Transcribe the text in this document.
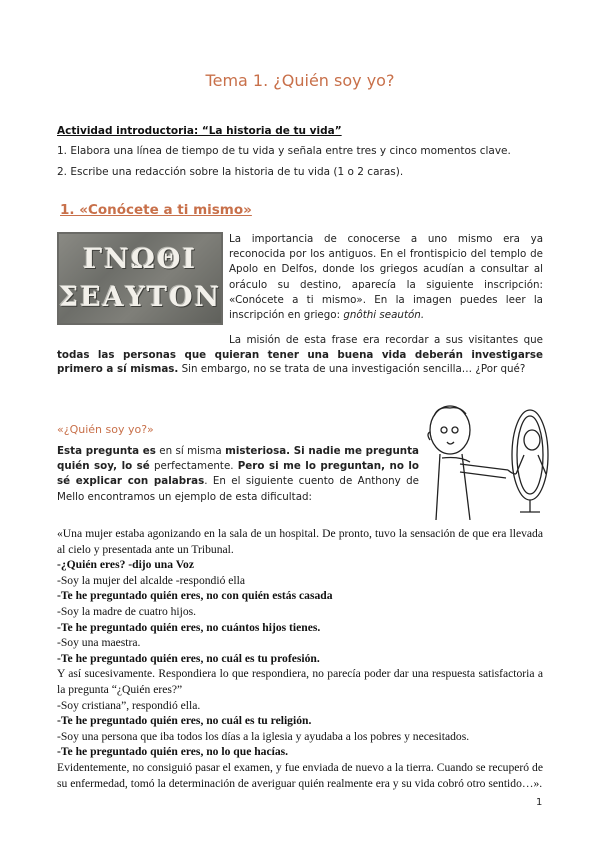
Tema 1. ¿Quién soy yo?
Actividad introductoria: “La historia de tu vida”
1. Elabora una línea de tiempo de tu vida y señala entre tres y cinco momentos clave.
2. Escribe una redacción sobre la historia de tu vida (1 o 2 caras).
1. «Conócete a ti mismo»
ΓΝΩΘΙ
ΣΕΑΥΤΟΝ
La importancia de conocerse a uno mismo era ya reconocida por los antiguos. En el frontispicio del templo de Apolo en Delfos, donde los griegos acudían a consultar al oráculo su destino, aparecía la siguiente inscripción: «Conócete a ti mismo». En la imagen puedes leer la inscripción en griego: gnôthi seautón.
La misión de esta frase era recordar a sus visitantes que todas las personas que quieran tener una buena vida deberán investigarse primero a sí mismas. Sin embargo, no se trata de una investigación sencilla… ¿Por qué?
«¿Quién soy yo?»
Esta pregunta es en sí misma misteriosa. Si nadie me pregunta quién soy, lo sé perfectamente. Pero si me lo preguntan, no lo sé explicar con palabras. En el siguiente cuento de Anthony de Mello encontramos un ejemplo de esta dificultad:
«Una mujer estaba agonizando en la sala de un hospital. De pronto, tuvo la sensación de que era llevada al cielo y presentada ante un Tribunal.
-¿Quién eres? -dijo una Voz
-Soy la mujer del alcalde -respondió ella
-Te he preguntado quién eres, no con quién estás casada
-Soy la madre de cuatro hijos.
-Te he preguntado quién eres, no cuántos hijos tienes.
-Soy una maestra.
-Te he preguntado quién eres, no cuál es tu profesión.
Y así sucesivamente. Respondiera lo que respondiera, no parecía poder dar una respuesta satisfactoria a la pregunta “¿Quién eres?”
-Soy cristiana”, respondió ella.
-Te he preguntado quién eres, no cuál es tu religión.
-Soy una persona que iba todos los días a la iglesia y ayudaba a los pobres y necesitados.
-Te he preguntado quién eres, no lo que hacías.
Evidentemente, no consiguió pasar el examen, y fue enviada de nuevo a la tierra. Cuando se recuperó de su enfermedad, tomó la determinación de averiguar quién realmente era y su vida cobró otro sentido…».
1
